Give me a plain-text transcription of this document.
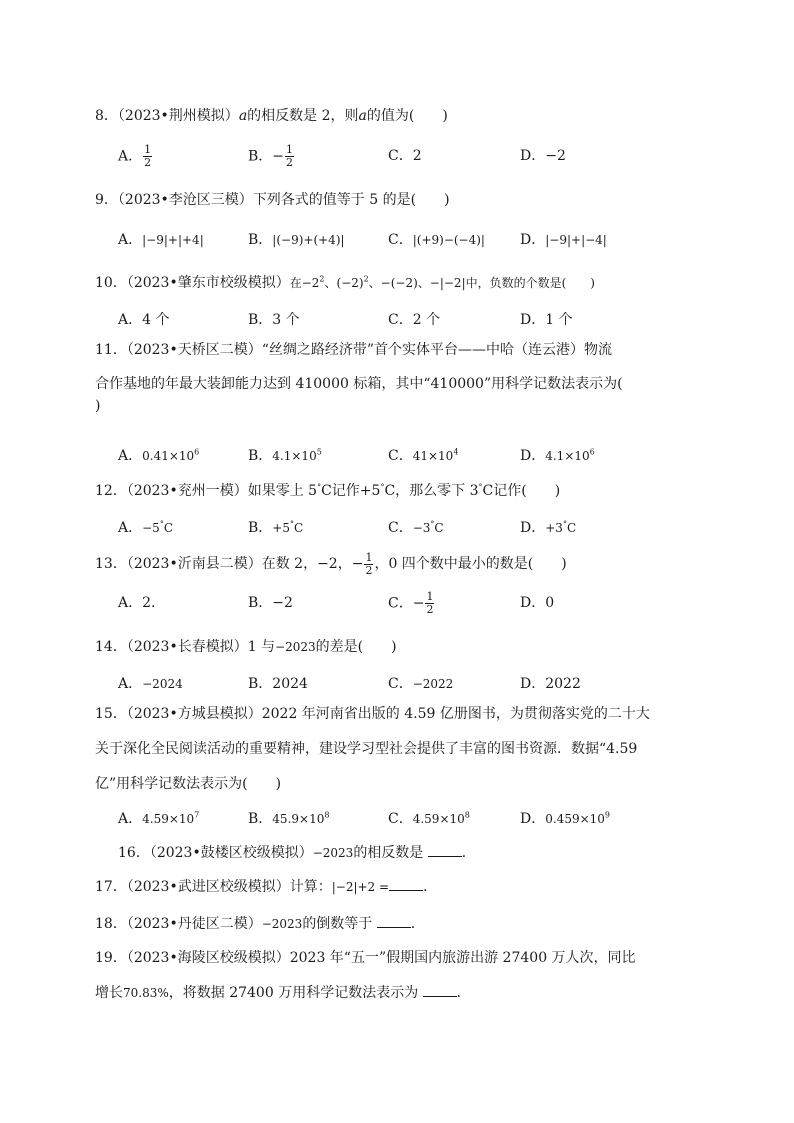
8．（2023•荆州模拟）a的相反数是 2，则a的值为(　　)
A． $\frac{1}{2}$	B．− $\frac{1}{2}$	C．2	D．−2
9．（2023•李沧区三模）下列各式的值等于 5 的是(　　)
A．|−9|+|+4|	B．|(−9)+(+4)|	C．|(+9)−(−4)|	D．|−9|+|−4|
10．（2023•肇东市校级模拟）在$-2^2$、$(-2)^2$、−(−2)、−|−2|中，负数的个数是(　　)
A．4 个	B．3 个	C．2 个	D．1 个
11．（2023•天桥区二模）“丝绸之路经济带”首个实体平台——中哈（连云港）物流
合作基地的年最大装卸能力达到 410000 标箱，其中“410000”用科学记数法表示为(
)
A．$0.41\times 10^6$	B．$4.1\times 10^5$	C．$41\times 10^4$	D．$4.1\times 10^6$
12．（2023•兖州一模）如果零上 5°C记作+5°C，那么零下 3°C记作(　　)
A．−5°C	B．+5°C	C．−3°C	D．+3°C
13．（2023•沂南县二模）在数 2，−2，− $\frac{1}{2}$ ，0 四个数中最小的数是(　　)
A．2.	B．−2	C．− $\frac{1}{2}$	D．0
14．（2023•长春模拟）1 与−2023的差是(　　)
A．−2024	B．2024	C．−2022	D．2022
15．（2023•方城县模拟）2022 年河南省出版的 4.59 亿册图书，为贯彻落实党的二十大
关于深化全民阅读活动的重要精神，建设学习型社会提供了丰富的图书资源．数据“4.59
亿”用科学记数法表示为(　　)
A．$4.59\times 10^7$	B．$45.9\times 10^8$	C．$4.59\times 10^8$	D．$0.459\times 10^9$
16．（2023•鼓楼区校级模拟）−2023的相反数是	．
17．（2023•武进区校级模拟）计算：|−2|+2 = ．
18．（2023•丹徒区二模）−2023的倒数等于	．
19．（2023•海陵区校级模拟）2023 年“五一”假期国内旅游出游 27400 万人次，同比
增长70.83%，将数据 27400 万用科学记数法表示为	．
